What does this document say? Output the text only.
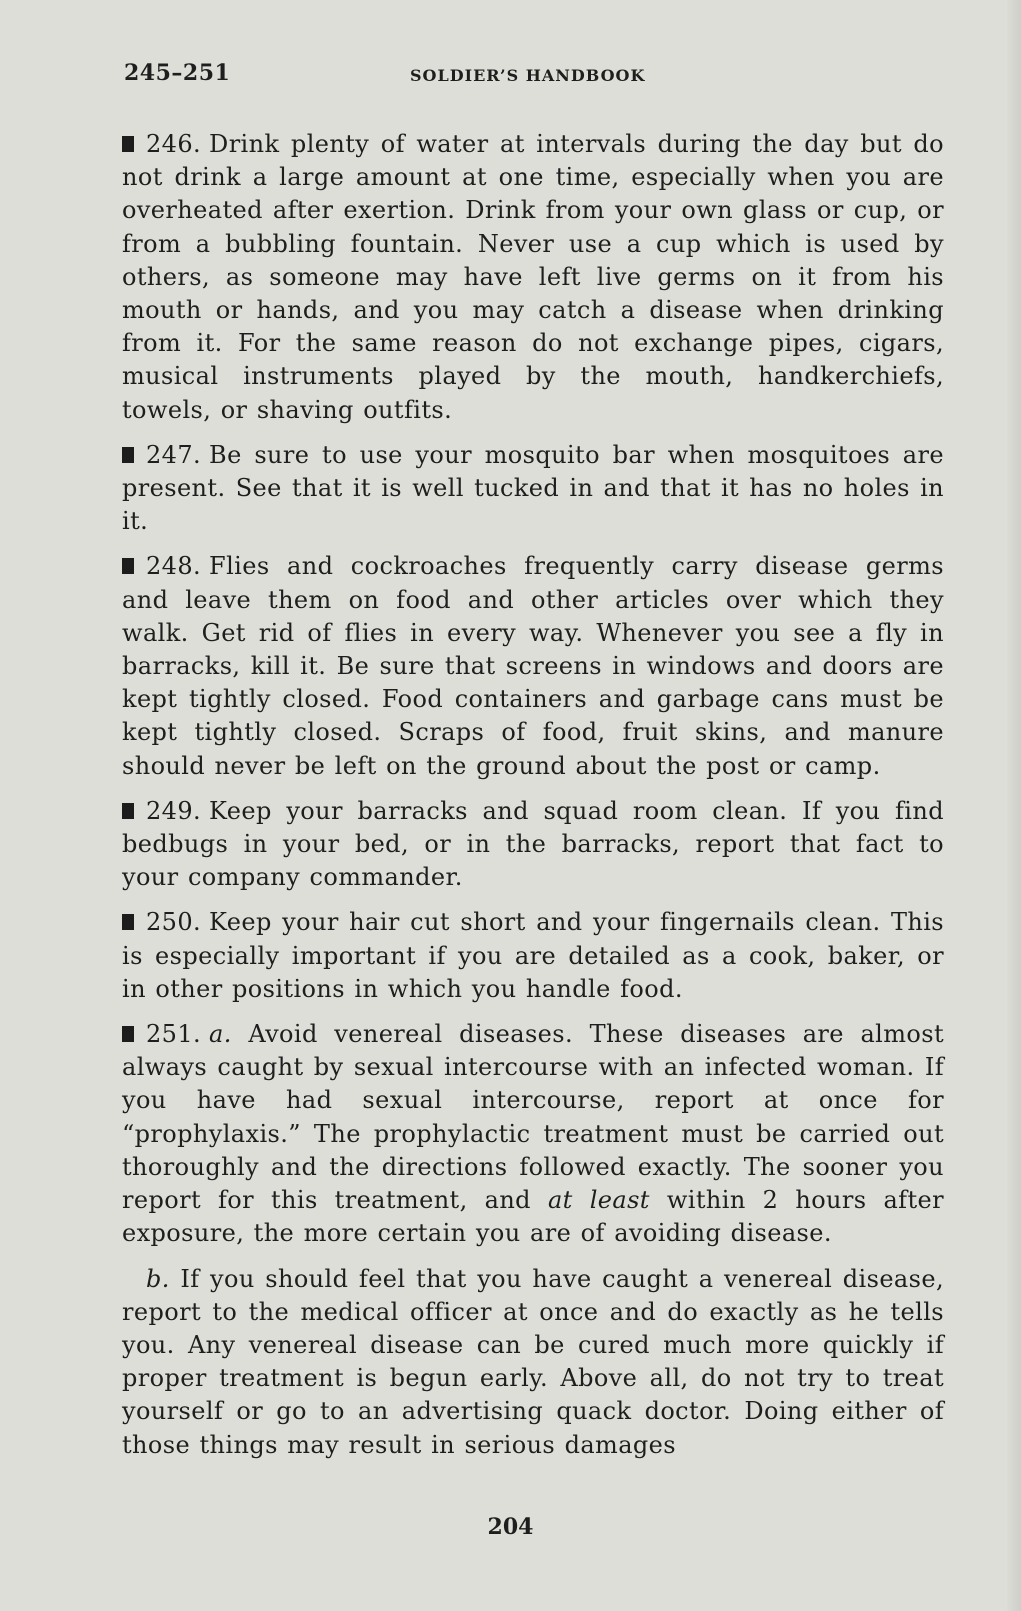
245–251	SOLDIER’S HANDBOOK

246. Drink plenty of water at intervals during the day but do not drink a large amount at one time, especially when you are overheated after exertion. Drink from your own glass or cup, or from a bubbling fountain. Never use a cup which is used by others, as someone may have left live germs on it from his mouth or hands, and you may catch a disease when drinking from it. For the same reason do not exchange pipes, cigars, musical instruments played by the mouth, handkerchiefs, towels, or shaving outfits.

247. Be sure to use your mosquito bar when mosquitoes are present. See that it is well tucked in and that it has no holes in it.

248. Flies and cockroaches frequently carry disease germs and leave them on food and other articles over which they walk. Get rid of flies in every way. Whenever you see a fly in barracks, kill it. Be sure that screens in windows and doors are kept tightly closed. Food containers and garbage cans must be kept tightly closed. Scraps of food, fruit skins, and manure should never be left on the ground about the post or camp.

249. Keep your barracks and squad room clean. If you find bedbugs in your bed, or in the barracks, report that fact to your company commander.

250. Keep your hair cut short and your fingernails clean. This is especially important if you are detailed as a cook, baker, or in other positions in which you handle food.

251. a. Avoid venereal diseases. These diseases are almost always caught by sexual intercourse with an infected woman. If you have had sexual intercourse, report at once for “prophylaxis.” The prophylactic treatment must be carried out thoroughly and the directions followed exactly. The sooner you report for this treatment, and at least within 2 hours after exposure, the more certain you are of avoiding disease.

b. If you should feel that you have caught a venereal disease, report to the medical officer at once and do exactly as he tells you. Any venereal disease can be cured much more quickly if proper treatment is begun early. Above all, do not try to treat yourself or go to an advertising quack doctor. Doing either of those things may result in serious damages

204
